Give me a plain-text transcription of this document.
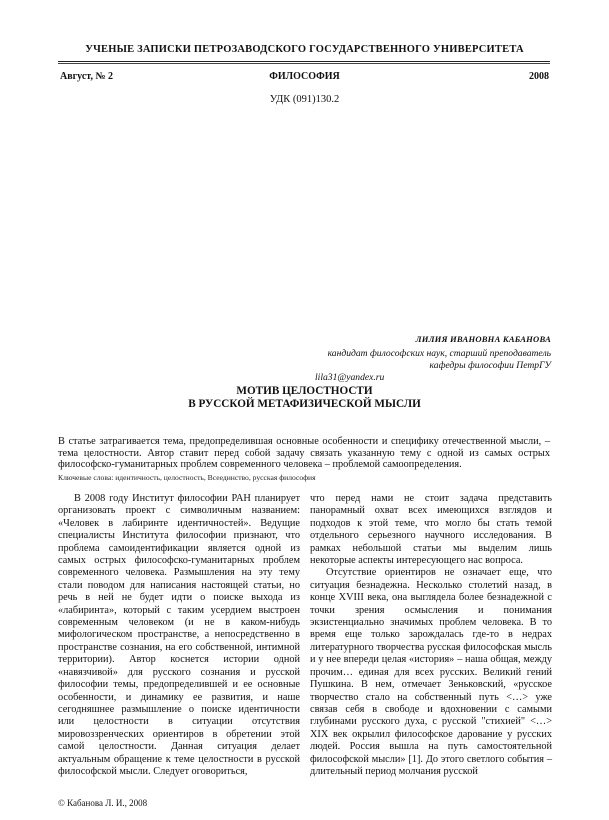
УЧЕНЫЕ ЗАПИСКИ ПЕТРОЗАВОДСКОГО ГОСУДАРСТВЕННОГО УНИВЕРСИТЕТА
Август, № 2	ФИЛОСОФИЯ	2008
УДК (091)130.2
ЛИЛИЯ ИВАНОВНА КАБАНОВА
кандидат философских наук, старший преподаватель
кафедры философии ПетрГУ
lila31@yandex.ru
МОТИВ ЦЕЛОСТНОСТИ
В РУССКОЙ МЕТАФИЗИЧЕСКОЙ МЫСЛИ
В статье затрагивается тема, предопределившая основные особенности и специфику отечественной мысли, – тема целостности. Автор ставит перед собой задачу связать указанную тему с одной из самых острых философско-гуманитарных проблем современного человека – проблемой самоопределения.
Ключевые слова: идентичность, целостность, Всеединство, русская философия

В 2008 году Институт философии РАН планирует организовать проект с символичным названием: «Человек в лабиринте идентичностей». Ведущие специалисты Института философии признают, что проблема самоидентификации является одной из самых острых философско-гуманитарных проблем современного человека. Размышления на эту тему стали поводом для написания настоящей статьи, но речь в ней не будет идти о поиске выхода из «лабиринта», который с таким усердием выстроен современным человеком (и не в каком-нибудь мифологическом пространстве, а непосредственно в пространстве сознания, на его собственной, интимной территории). Автор коснется истории одной «навязчивой» для русского сознания и русской философии темы, предопределившей и ее основные особенности, и динамику ее развития, и наше сегодняшнее размышление о поиске идентичности или целостности в ситуации отсутствия мировоззренческих ориентиров в обретении этой самой целостности. Данная ситуация делает актуальным обращение к теме целостности в русской философской мысли. Следует оговориться,

что перед нами не стоит задача представить панорамный охват всех имеющихся взглядов и подходов к этой теме, что могло бы стать темой отдельного серьезного научного исследования. В рамках небольшой статьи мы выделим лишь некоторые аспекты интересующего нас вопроса.

Отсутствие ориентиров не означает еще, что ситуация безнадежна. Несколько столетий назад, в конце XVIII века, она выглядела более безнадежной с точки зрения осмысления и понимания экзистенциально значимых проблем человека. В то время еще только зарождалась где-то в недрах литературного творчества русская философская мысль и у нее впереди целая «история» – наша общая, между прочим… единая для всех русских. Великий гений Пушкина. В нем, отмечает Зеньковский, «русское творчество стало на собственный путь <…> уже связав себя в свободе и вдохновении с самыми глубинами русского духа, с русской "стихией" <…> XIX век окрылил философское дарование у русских людей. Россия вышла на путь самостоятельной философской мысли» [1]. До этого светлого события – длительный период молчания русской

© Кабанова Л. И., 2008
